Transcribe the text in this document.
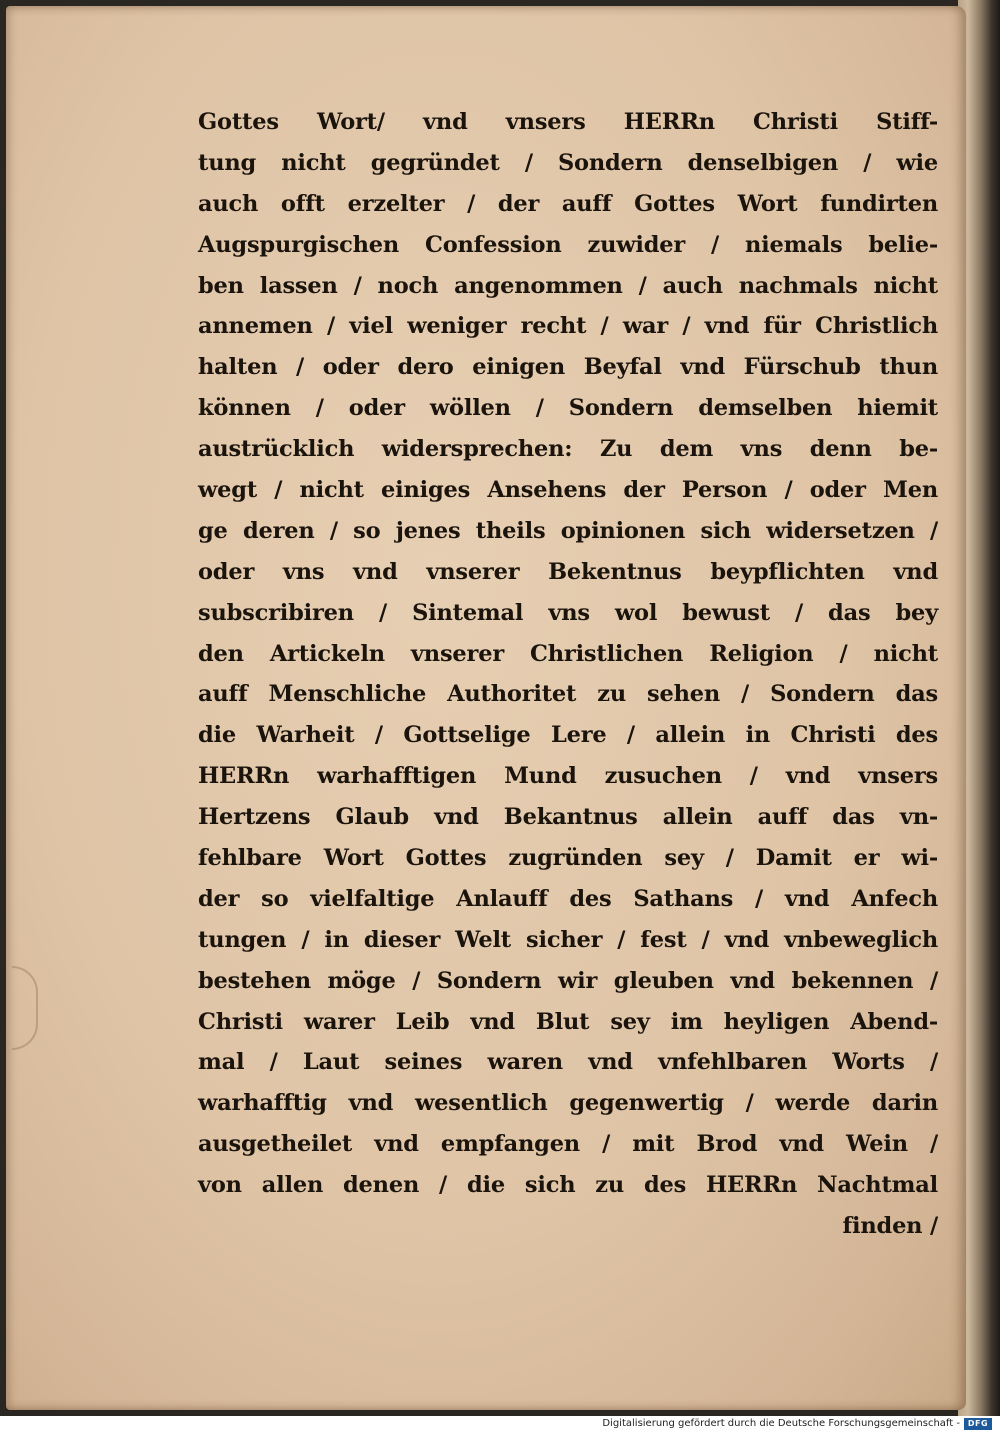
Gottes Wort/ vnd vnsers HERRn Christi Stiff-
tung nicht gegründet / Sondern denselbigen / wie
auch offt erzelter / der auff Gottes Wort fundirten
Augspurgischen Confession zuwider / niemals belie-
ben lassen / noch angenommen / auch nachmals nicht
annemen / viel weniger recht / war / vnd für Christlich
halten / oder dero einigen Beyfal vnd Fürschub thun
können / oder wöllen / Sondern demselben hiemit
austrücklich widersprechen: Zu dem vns denn be-
wegt / nicht einiges Ansehens der Person / oder Men
ge deren / so jenes theils opinionen sich widersetzen /
oder vns vnd vnserer Bekentnus beypflichten vnd
subscribiren / Sintemal vns wol bewust / das bey
den Artickeln vnserer Christlichen Religion / nicht
auff Menschliche Authoritet zu sehen / Sondern das
die Warheit / Gottselige Lere / allein in Christi des
HERRn warhafftigen Mund zusuchen / vnd vnsers
Hertzens Glaub vnd Bekantnus allein auff das vn-
fehlbare Wort Gottes zugründen sey / Damit er wi-
der so vielfaltige Anlauff des Sathans / vnd Anfech
tungen / in dieser Welt sicher / fest / vnd vnbeweglich
bestehen möge / Sondern wir gleuben vnd bekennen /
Christi warer Leib vnd Blut sey im heyligen Abend-
mal / Laut seines waren vnd vnfehlbaren Worts /
warhafftig vnd wesentlich gegenwertig / werde darin
ausgetheilet vnd empfangen / mit Brod vnd Wein /
von allen denen / die sich zu des HERRn Nachtmal
finden /
Digitalisierung gefördert durch die Deutsche Forschungsgemeinschaft - DFG
